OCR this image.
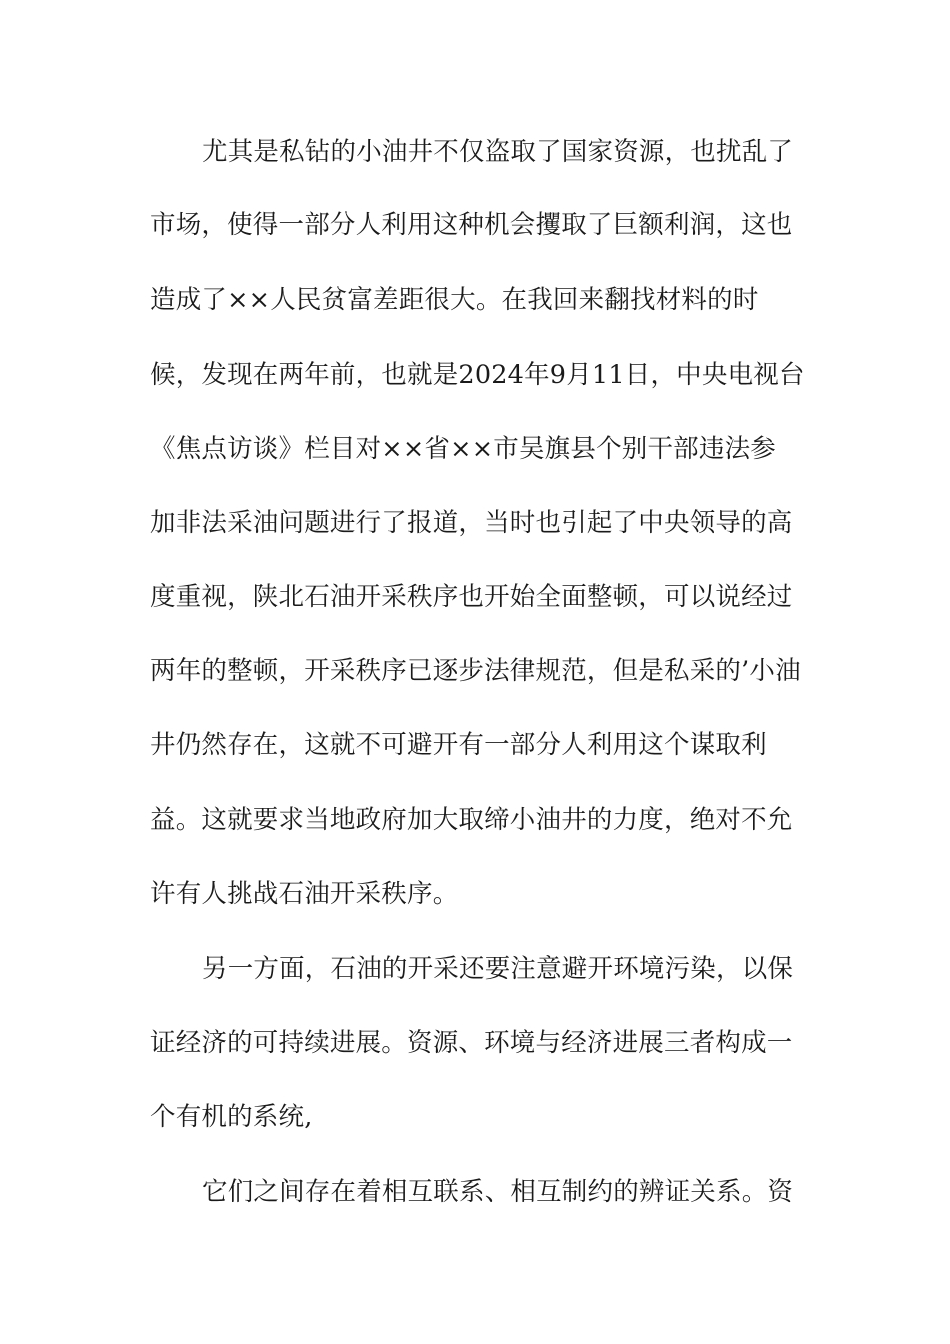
尤其是私钻的小油井不仅盗取了国家资源，也扰乱了
市场，使得一部分人利用这种机会攫取了巨额利润，这也
造成了××人民贫富差距很大。在我回来翻找材料的时
候，发现在两年前，也就是2024年9月11日，中央电视台
《焦点访谈》栏目对××省××市吴旗县个别干部违法参
加非法采油问题进行了报道，当时也引起了中央领导的高
度重视，陕北石油开采秩序也开始全面整顿，可以说经过
两年的整顿，开采秩序已逐步法律规范，但是私采的’小油
井仍然存在，这就不可避开有一部分人利用这个谋取利
益。这就要求当地政府加大取缔小油井的力度，绝对不允
许有人挑战石油开采秩序。
另一方面，石油的开采还要注意避开环境污染，以保
证经济的可持续进展。资源、环境与经济进展三者构成一
个有机的系统,
它们之间存在着相互联系、相互制约的辨证关系。资
